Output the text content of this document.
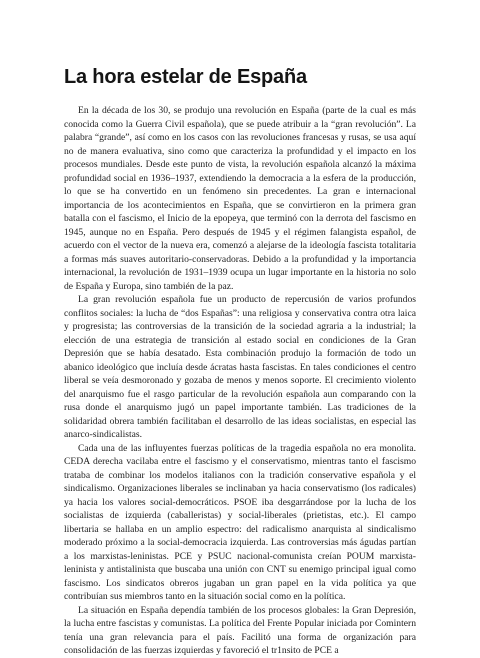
La hora estelar de España

En la década de los 30, se produjo una revolución en España (parte de la cual es más conocida como la Guerra Civil española), que se puede atribuir a la “gran revolución”. La palabra “grande”, así como en los casos con las revoluciones francesas y rusas, se usa aquí no de manera evaluativa, sino como que caracteriza la profundidad y el impacto en los procesos mundiales. Desde este punto de vista, la revolución española alcanzó la máxima profundidad social en 1936–1937, extendiendo la democracia a la esfera de la producción, lo que se ha convertido en un fenómeno sin precedentes. La gran e internacional importancia de los acontecimientos en España, que se convirtieron en la primera gran batalla con el fascismo, el Inicio de la epopeya, que terminó con la derrota del fascismo en 1945, aunque no en España. Pero después de 1945 y el régimen falangista español, de acuerdo con el vector de la nueva era, comenzó a alejarse de la ideología fascista totalitaria a formas más suaves autoritario-conservadoras. Debido a la profundidad y la importancia internacional, la revolución de 1931–1939 ocupa un lugar importante en la historia no solo de España y Europa, sino también de la paz.

La gran revolución española fue un producto de repercusión de varios profundos conflitos sociales: la lucha de “dos Españas”: una religiosa y conservativa contra otra laica y progresista; las controversias de la transición de la sociedad agraria a la industrial; la elección de una estrategia de transición al estado social en condiciones de la Gran Depresión que se había desatado. Esta combinación produjo la formación de todo un abanico ideológico que incluía desde ácratas hasta fascistas. En tales condiciones el centro liberal se veía desmoronado y gozaba de menos y menos soporte. El crecimiento violento del anarquismo fue el rasgo particular de la revolución española aun comparando con la rusa donde el anarquismo jugó un papel importante también. Las tradiciones de la solidaridad obrera también facilitaban el desarrollo de las ideas socialistas, en especial las anarco-sindicalistas.

Cada una de las influyentes fuerzas políticas de la tragedia española no era monolita. CEDA derecha vacilaba entre el fascismo y el conservatismo, mientras tanto el fascismo trataba de combinar los modelos italianos con la tradición conservative española y el sindicalismo. Organizaciones liberales se inclinaban ya hacia conservatismo (los radicales) ya hacia los valores social-democráticos. PSOE iba desgarrándose por la lucha de los socialistas de izquierda (caballeristas) y social-liberales (prietistas, etc.). El campo libertaria se hallaba en un amplio espectro: del radicalismo anarquista al sindicalismo moderado próximo a la social-democracia izquierda. Las controversias más águdas partían a los marxistas-leninistas. PCE y PSUC nacional-comunista creían POUM marxista-leninista y antistalinista que buscaba una unión con CNT su enemigo principal igual como fascismo. Los sindicatos obreros jugaban un gran papel en la vida política ya que contribuían sus miembros tanto en la situación social como en la política.

La situación en España dependía también de los procesos globales: la Gran Depresión, la lucha entre fascistas y comunistas. La política del Frente Popular iniciada por Comintern tenía una gran relevancia para el país. Facilitó una forma de organización para consolidación de las fuerzas izquierdas y favoreció el tr1nsito de PCE a
